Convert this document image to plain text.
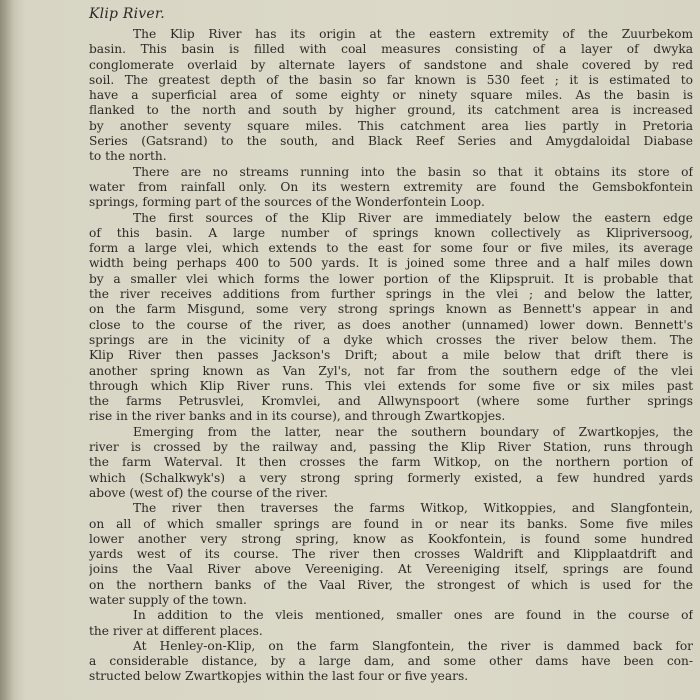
Klip River.

The Klip River has its origin at the eastern extremity of the Zuurbekom
basin. This basin is filled with coal measures consisting of a layer of dwyka
conglomerate overlaid by alternate layers of sandstone and shale covered by red
soil. The greatest depth of the basin so far known is 530 feet ; it is estimated to
have a superficial area of some eighty or ninety square miles. As the basin is
flanked to the north and south by higher ground, its catchment area is increased
by another seventy square miles. This catchment area lies partly in Pretoria
Series (Gatsrand) to the south, and Black Reef Series and Amygdaloidal Diabase
to the north.

There are no streams running into the basin so that it obtains its store of
water from rainfall only. On its western extremity are found the Gemsbokfontein
springs, forming part of the sources of the Wonderfontein Loop.

The first sources of the Klip River are immediately below the eastern edge
of this basin. A large number of springs known collectively as Klipriversoog,
form a large vlei, which extends to the east for some four or five miles, its average
width being perhaps 400 to 500 yards. It is joined some three and a half miles down
by a smaller vlei which forms the lower portion of the Klipspruit. It is probable that
the river receives additions from further springs in the vlei ; and below the latter,
on the farm Misgund, some very strong springs known as Bennett's appear in and
close to the course of the river, as does another (unnamed) lower down. Bennett's
springs are in the vicinity of a dyke which crosses the river below them. The
Klip River then passes Jackson's Drift; about a mile below that drift there is
another spring known as Van Zyl's, not far from the southern edge of the vlei
through which Klip River runs. This vlei extends for some five or six miles past
the farms Petrusvlei, Kromvlei, and Allwynspoort (where some further springs
rise in the river banks and in its course), and through Zwartkopjes.

Emerging from the latter, near the southern boundary of Zwartkopjes, the
river is crossed by the railway and, passing the Klip River Station, runs through
the farm Waterval. It then crosses the farm Witkop, on the northern portion of
which (Schalkwyk's) a very strong spring formerly existed, a few hundred yards
above (west of) the course of the river.

The river then traverses the farms Witkop, Witkoppies, and Slangfontein,
on all of which smaller springs are found in or near its banks. Some five miles
lower another very strong spring, know as Kookfontein, is found some hundred
yards west of its course. The river then crosses Waldrift and Klipplaatdrift and
joins the Vaal River above Vereeniging. At Vereeniging itself, springs are found
on the northern banks of the Vaal River, the strongest of which is used for the
water supply of the town.

In addition to the vleis mentioned, smaller ones are found in the course of
the river at different places.

At Henley-on-Klip, on the farm Slangfontein, the river is dammed back for
a considerable distance, by a large dam, and some other dams have been con-
structed below Zwartkopjes within the last four or five years.
